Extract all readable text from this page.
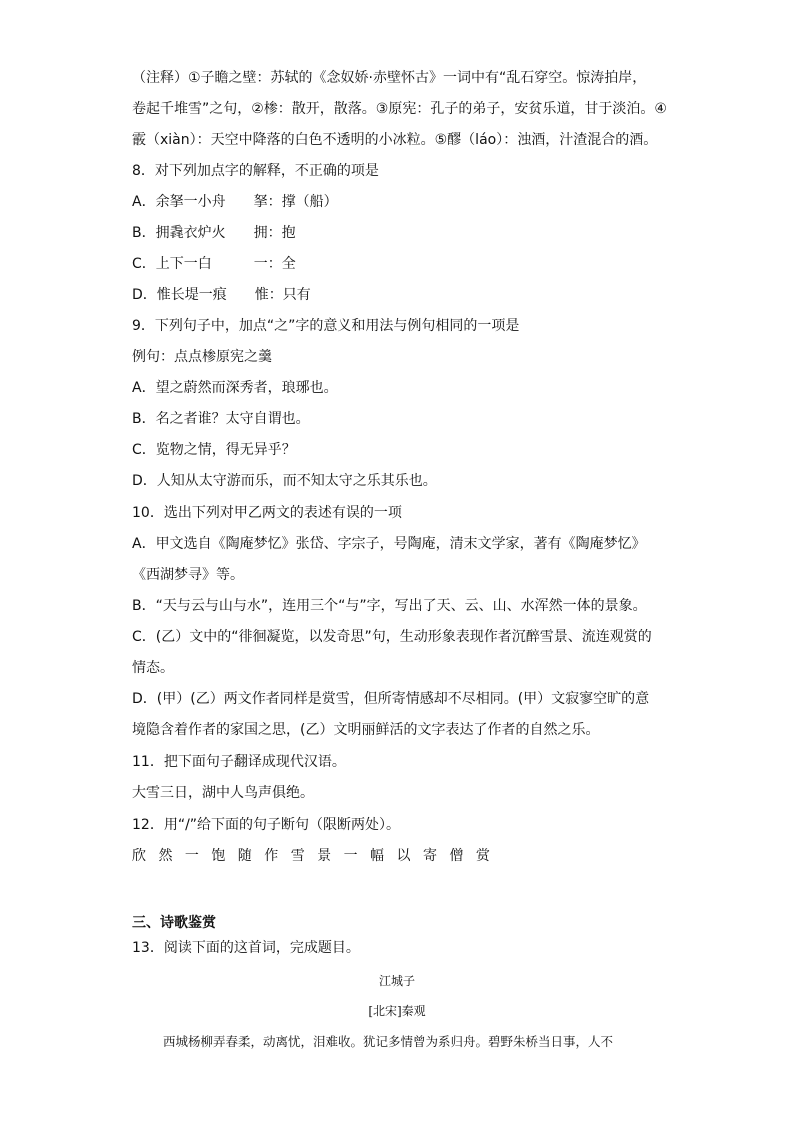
（注释）①子瞻之壁：苏轼的《念奴娇·赤壁怀古》一词中有“乱石穿空。惊涛拍岸，
卷起千堆雪”之句，②椮：散开，散落。③原宪：孔子的弟子，安贫乐道，甘于淡泊。④
霰（xiàn）：天空中降落的白色不透明的小冰粒。⑤醪（láo）：浊酒，汁渣混合的酒。
8．对下列加点字的解释，不正确的项是
A．余拏一小舟　　拏：撑（船）
B．拥毳衣炉火　　拥：抱
C．上下一白　　　一：全
D．惟长堤一痕　　惟：只有
9．下列句子中，加点“之”字的意义和用法与例句相同的一项是
例句：点点椮原宪之羹
A．望之蔚然而深秀者，琅琊也。
B．名之者谁？太守自谓也。
C．览物之情，得无异乎？
D．人知从太守游而乐，而不知太守之乐其乐也。
10．选出下列对甲乙两文的表述有误的一项
A．甲文选自《陶庵梦忆》张岱、字宗子，号陶庵，清末文学家，著有《陶庵梦忆》
《西湖梦寻》等。
B．“天与云与山与水”，连用三个“与”字，写出了天、云、山、水浑然一体的景象。
C．(乙）文中的“徘徊凝览，以发奇思”句，生动形象表现作者沉醉雪景、流连观赏的
情态。
D．(甲）(乙）两文作者同样是赏雪，但所寄情感却不尽相同。(甲）文寂寥空旷的意
境隐含着作者的家国之思，(乙）文明丽鲜活的文字表达了作者的自然之乐。
11．把下面句子翻译成现代汉语。
大雪三日，湖中人鸟声俱绝。
12．用“/”给下面的句子断句（限断两处）。
欣 然 一 饱 随 作 雪 景 一 幅 以 寄 僧 赏
三、诗歌鉴赏
13．阅读下面的这首词，完成题目。
江城子
[北宋]秦观
西城杨柳弄春柔，动离忧，泪难收。犹记多情曾为系归舟。碧野朱桥当日事，人不
